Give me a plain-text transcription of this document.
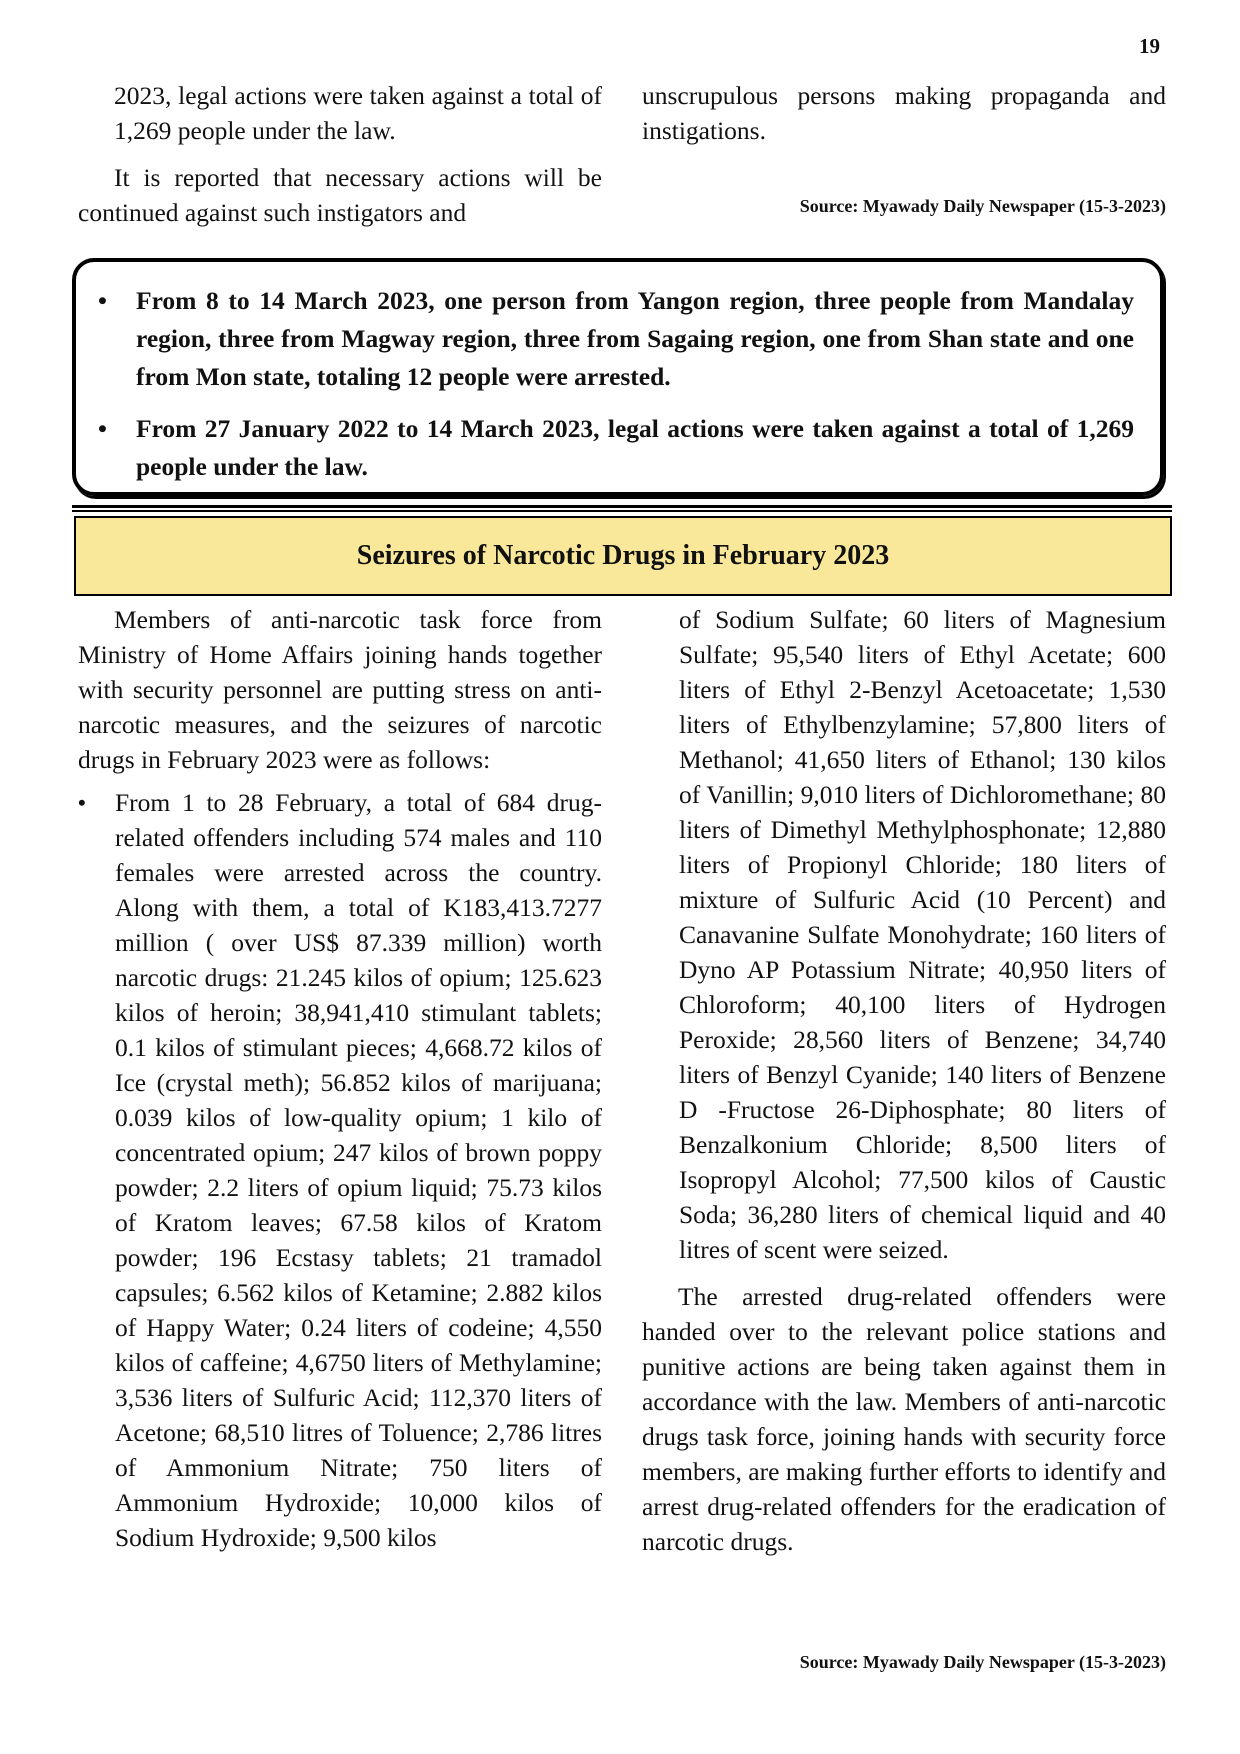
19

2023, legal actions were taken against a total of 1,269 people under the law.

It is reported that necessary actions will be continued against such instigators and

unscrupulous persons making propaganda and instigations.

Source: Myawady Daily Newspaper (15-3-2023)
• From 8 to 14 March 2023, one person from Yangon region, three people from Mandalay region, three from Magway region, three from Sagaing region, one from Shan state and one from Mon state, totaling 12 people were arrested.
• From 27 January 2022 to 14 March 2023, legal actions were taken against a total of 1,269 people under the law.
Seizures of Narcotic Drugs in February 2023

Members of anti-narcotic task force from Ministry of Home Affairs joining hands together with security personnel are putting stress on anti-narcotic measures, and the seizures of narcotic drugs in February 2023 were as follows:

• From 1 to 28 February, a total of 684 drug-related offenders including 574 males and 110 females were arrested across the country. Along with them, a total of K183,413.7277 million ( over US$ 87.339 million) worth narcotic drugs: 21.245 kilos of opium; 125.623 kilos of heroin; 38,941,410 stimulant tablets; 0.1 kilos of stimulant pieces; 4,668.72 kilos of Ice (crystal meth); 56.852 kilos of marijuana; 0.039 kilos of low-quality opium; 1 kilo of concentrated opium; 247 kilos of brown poppy powder; 2.2 liters of opium liquid; 75.73 kilos of Kratom leaves; 67.58 kilos of Kratom powder; 196 Ecstasy tablets; 21 tramadol capsules; 6.562 kilos of Ketamine; 2.882 kilos of Happy Water; 0.24 liters of codeine; 4,550 kilos of caffeine; 4,6750 liters of Methylamine; 3,536 liters of Sulfuric Acid; 112,370 liters of Acetone; 68,510 litres of Toluence; 2,786 litres of Ammonium Nitrate; 750 liters of Ammonium Hydroxide; 10,000 kilos of Sodium Hydroxide; 9,500 kilos

of Sodium Sulfate; 60 liters of Magnesium Sulfate; 95,540 liters of Ethyl Acetate; 600 liters of Ethyl 2-Benzyl Acetoacetate; 1,530 liters of Ethylbenzylamine; 57,800 liters of Methanol; 41,650 liters of Ethanol; 130 kilos of Vanillin; 9,010 liters of Dichloromethane; 80 liters of Dimethyl Methylphosphonate; 12,880 liters of Propionyl Chloride; 180 liters of mixture of Sulfuric Acid (10 Percent) and Canavanine Sulfate Monohydrate; 160 liters of Dyno AP Potassium Nitrate; 40,950 liters of Chloroform; 40,100 liters of Hydrogen Peroxide; 28,560 liters of Benzene; 34,740 liters of Benzyl Cyanide; 140 liters of Benzene D -Fructose 26-Diphosphate; 80 liters of Benzalkonium Chloride; 8,500 liters of Isopropyl Alcohol; 77,500 kilos of Caustic Soda; 36,280 liters of chemical liquid and 40 litres of scent were seized.

The arrested drug-related offenders were handed over to the relevant police stations and punitive actions are being taken against them in accordance with the law. Members of anti-narcotic drugs task force, joining hands with security force members, are making further efforts to identify and arrest drug-related offenders for the eradication of narcotic drugs.

Source: Myawady Daily Newspaper (15-3-2023)
